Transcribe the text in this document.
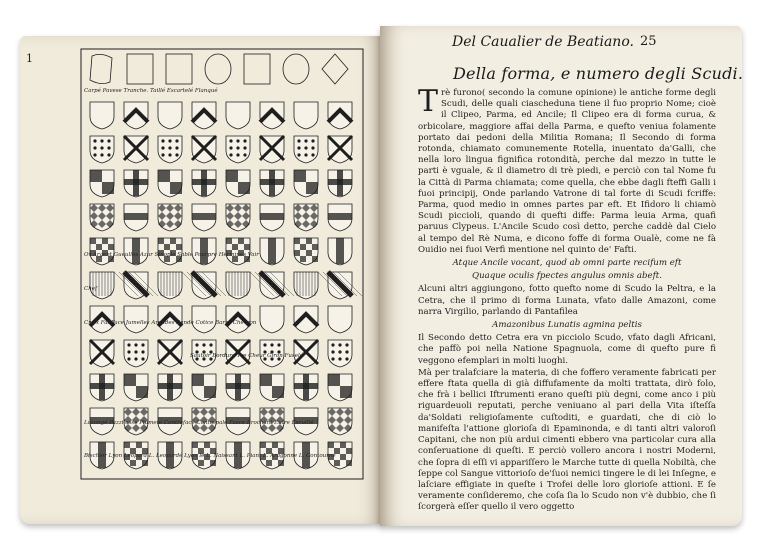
1
Carpé Pavese Tranche. Taillé Escartelé Flanqué
Or Argent Gueulles Azur Sinople Sable Pourpre Hermines Vair
Chef
Croix Fal Face Jumelles Arondes Bande Cotice Barre Chevron
Sautoir Bordure Tre Cheur Giron Fuselé
Lozangé Pazzilosse Plumeté Contrefacé Contrepalé Fasce Brochant Eutre Escuillé
Bischier Lyon Leopard L. Leopardé Lyon le L. Naissant L. Piant L. Aragonne L. Contourne
Del Caualier de Beatiano. 25
Della forma, e numero degli Scudi.

Trè furono( secondo la comune opinione) le antiche forme degli Scudi, delle quali ciascheduna tiene il fuo proprio Nome; cioè il Clipeo, Parma, ed Ancile; Il Clipeo era di forma curua, & orbicolare, maggiore affai della Parma, e quefto veniua folamente portato dai pedoni della Militia Romana; Il Secondo di forma rotonda, chiamato comunemente Rotella, inuentato da'Galli, che nella loro lingua fignifica rotondità, perche dal mezzo in tutte le parti è vguale, & il diametro di trè piedi, e perciò con tal Nome fu la Città di Parma chiamata; come quella, che ebbe dagli fteffi Galli i fuoi principij, Onde parlando Vatrone di tal forte di Scudi fcriffe: Parma, quod medio in omnes partes par eft. Et Ifidoro li chiamò Scudi piccioli, quando di quefti diffe: Parma leuia Arma, quafi paruus Clypeus. L'Ancile Scudo così detto, perche caddè dal Cielo al tempo del Rè Numa, e dicono foffe di forma Oualè, come ne fà Ouidio nei fuoi Verfi mentione nel quinto de' Fafti.

Atque Ancile vocant, quod ab omni parte recifum eft

Quaque oculis fpectes angulus omnis abeft.

Alcuni altri aggiungono, fotto quefto nome di Scudo la Peltra, e la Cetra, che il primo di forma Lunata, vfato dalle Amazoni, come narra Virgilio, parlando di Pantafilea

Amazonibus Lunatis agmina peltis

Il Secondo detto Cetra era vn picciolo Scudo, vfato dagli Africani, che paffò poi nella Natione Spagnuola, come di quefto pure fi veggono efemplari in molti luoghi.

Mà per tralafciare la materia, di che foffero veramente fabricati per effere ftata quella di già diffufamente da molti trattata, dirò folo, che frà i bellici Iftrumenti erano queſti più degni, come anco i più riguardeuoli reputati, perche veniuano al pari della Vita iſteſſa da'Soldati religioſamente cuſtoditi, e guardati, che di ciò lo manifeſta l'attione glorioſa di Epaminonda, e di tanti altri valoroſi Capitani, che non più ardui cimenti ebbero vna particolar cura alla conſeruatione di queſti. E perciò vollero ancora i nostri Moderni, che ſopra di eſſi vi appariſſero le Marche tutte di quella Nobiltà, che ſeppe col Sangue vittorioſo de'ſuoi nemici tingere le di lei Inſegne, e laſciare effigiate in queſte i Trofei delle loro glorioſe attioni. E ſe veramente conſideremo, che coſa ſia lo Scudo non v'è dubbio, che ſi ſcorgerà eſſer quello il vero oggetto
